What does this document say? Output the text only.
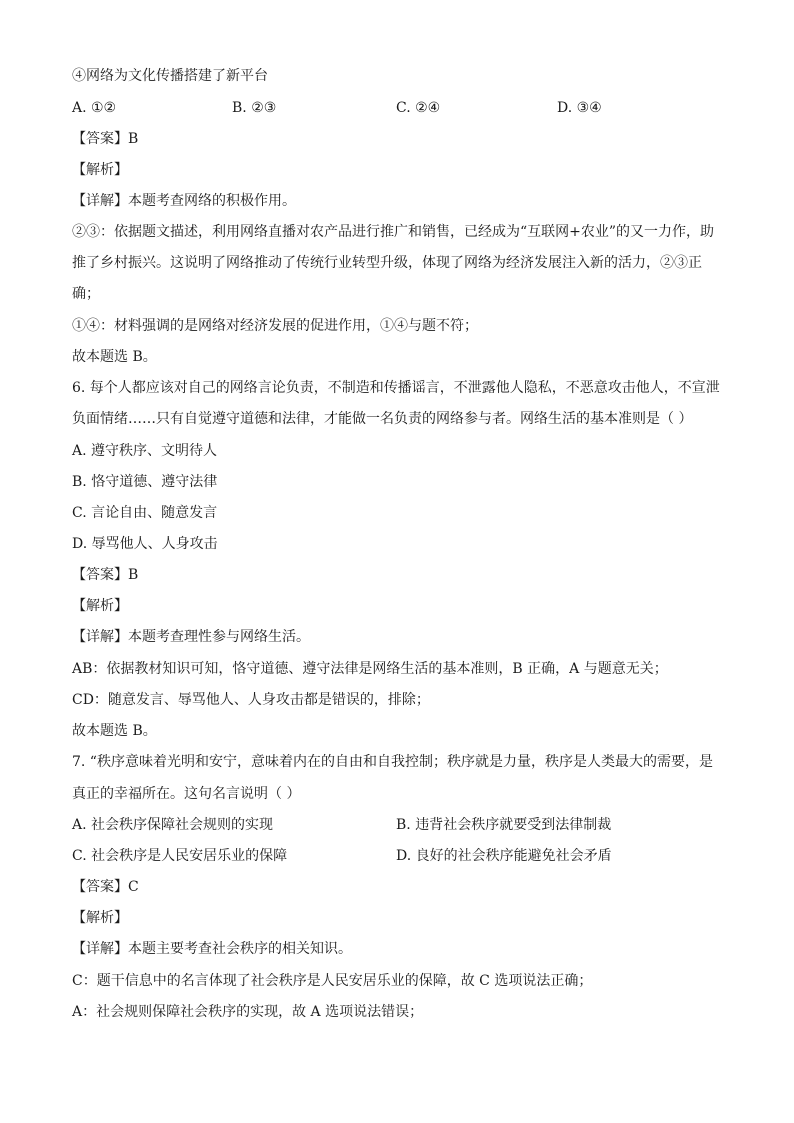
④网络为文化传播搭建了新平台
A. ①②	B. ②③	C. ②④	D. ③④
【答案】B
【解析】
【详解】本题考查网络的积极作用。
②③：依据题文描述，利用网络直播对农产品进行推广和销售，已经成为“互联网+农业”的又一力作，助
推了乡村振兴。这说明了网络推动了传统行业转型升级，体现了网络为经济发展注入新的活力，②③正
确；
①④：材料强调的是网络对经济发展的促进作用，①④与题不符；
故本题选 B。
6. 每个人都应该对自己的网络言论负责，不制造和传播谣言，不泄露他人隐私，不恶意攻击他人，不宣泄
负面情绪……只有自觉遵守道德和法律，才能做一名负责的网络参与者。网络生活的基本准则是（ ）
A. 遵守秩序、文明待人
B. 恪守道德、遵守法律
C. 言论自由、随意发言
D. 辱骂他人、人身攻击
【答案】B
【解析】
【详解】本题考查理性参与网络生活。
AB：依据教材知识可知，恪守道德、遵守法律是网络生活的基本准则，B 正确，A 与题意无关；
CD：随意发言、辱骂他人、人身攻击都是错误的，排除；
故本题选 B。
7. “秩序意味着光明和安宁，意味着内在的自由和自我控制；秩序就是力量，秩序是人类最大的需要，是
真正的幸福所在。这句名言说明（ ）
A. 社会秩序保障社会规则的实现	B. 违背社会秩序就要受到法律制裁
C. 社会秩序是人民安居乐业的保障	D. 良好的社会秩序能避免社会矛盾
【答案】C
【解析】
【详解】本题主要考查社会秩序的相关知识。
C：题干信息中的名言体现了社会秩序是人民安居乐业的保障，故 C 选项说法正确；
A：社会规则保障社会秩序的实现，故 A 选项说法错误；
